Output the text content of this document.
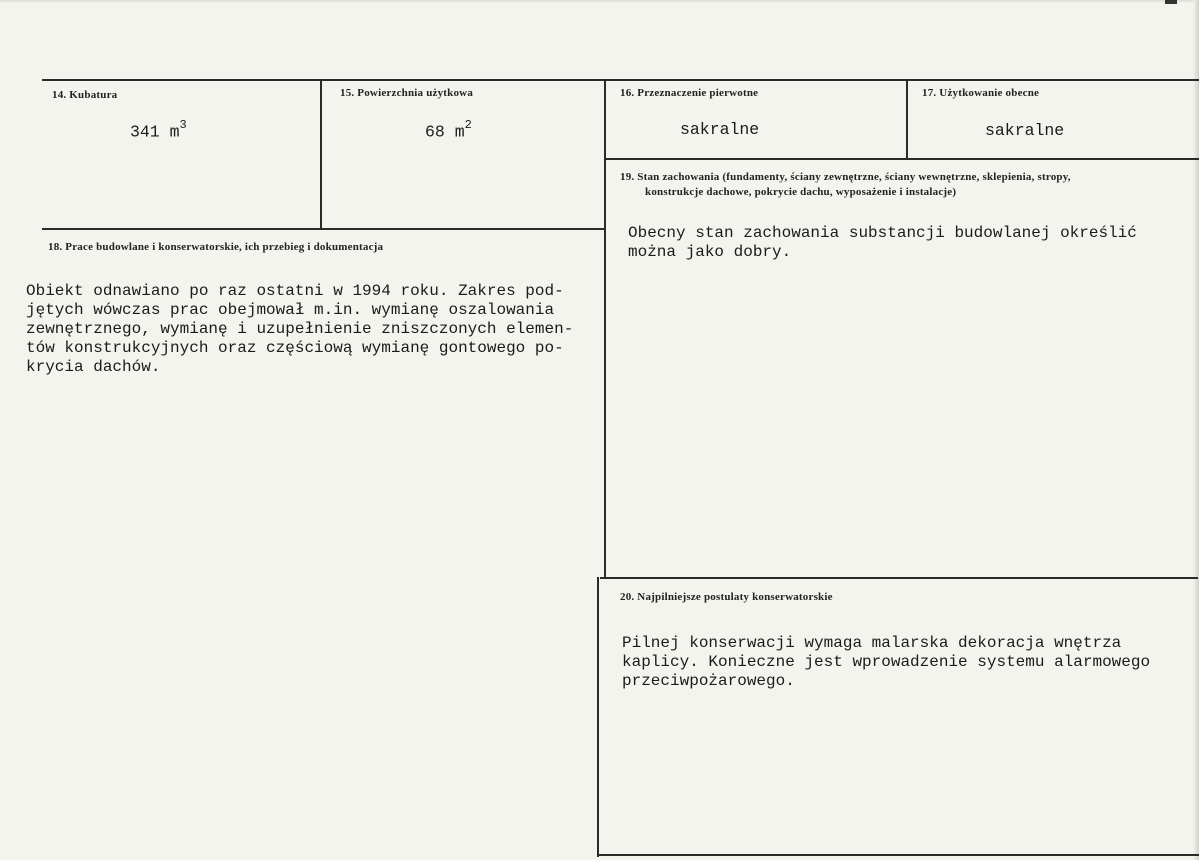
14. Kubatura
341 $m^3$
15. Powierzchnia użytkowa
68 $m^2$
16. Przeznaczenie pierwotne
sakralne
17. Użytkowanie obecne
sakralne
19. Stan zachowania (fundamenty, ściany zewnętrzne, ściany wewnętrzne, sklepienia, stropy,
konstrukcje dachowe, pokrycie dachu, wyposażenie i instalacje)
Obecny stan zachowania substancji budowlanej określić
można jako dobry.
18. Prace budowlane i konserwatorskie, ich przebieg i dokumentacja
Obiekt odnawiano po raz ostatni w 1994 roku. Zakres pod-
jętych wówczas prac obejmował m.in. wymianę oszalowania
zewnętrznego, wymianę i uzupełnienie zniszczonych elemen-
tów konstrukcyjnych oraz częściową wymianę gontowego po-
krycia dachów.
20. Najpilniejsze postulaty konserwatorskie
Pilnej konserwacji wymaga malarska dekoracja wnętrza
kaplicy. Konieczne jest wprowadzenie systemu alarmowego
przeciwpożarowego.
